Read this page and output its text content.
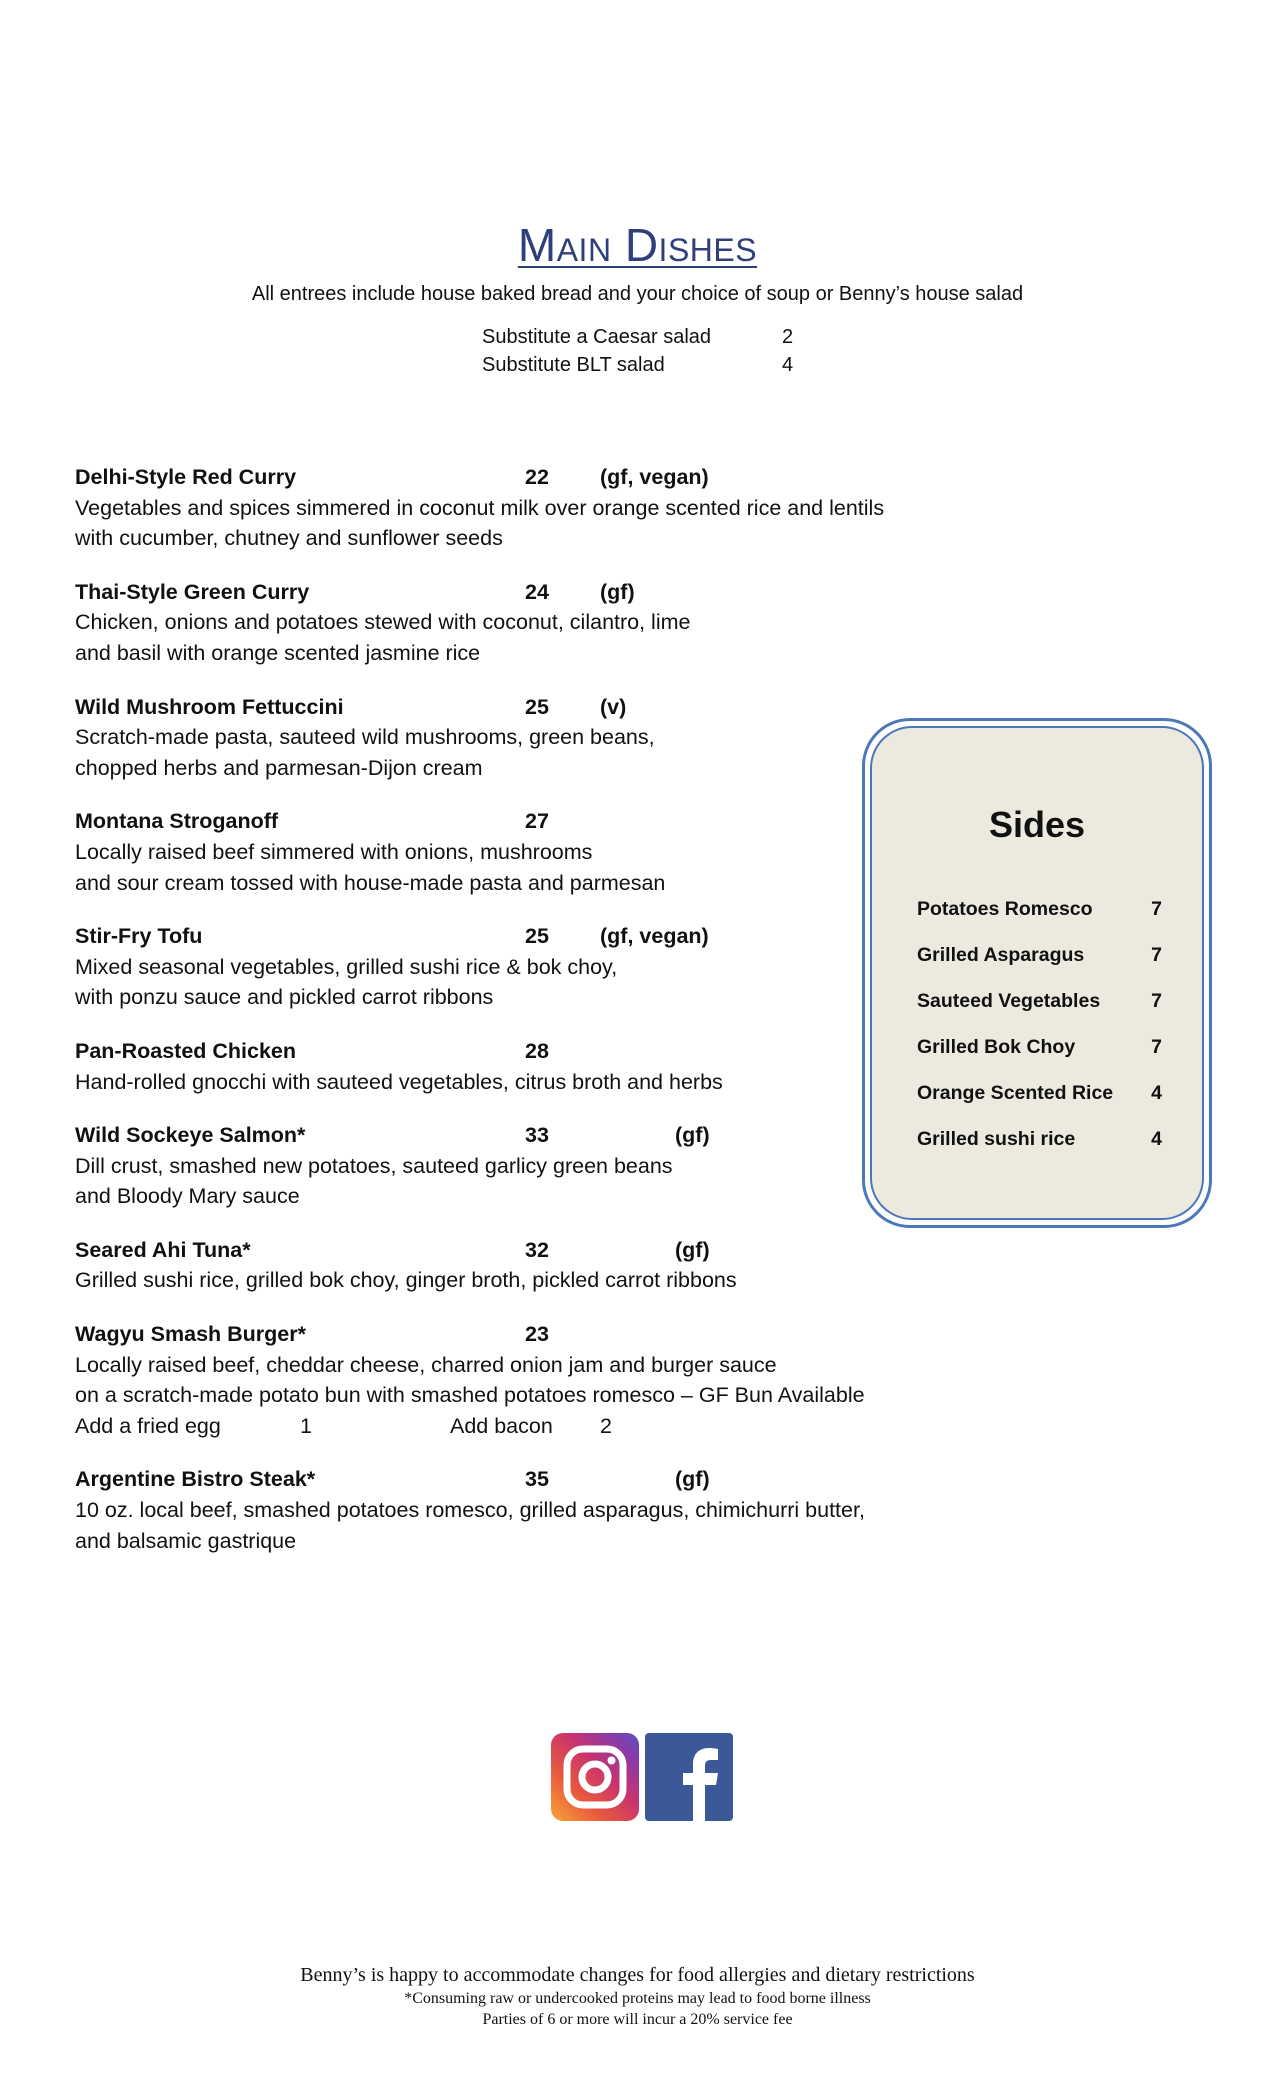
Main Dishes
All entrees include house baked bread and your choice of soup or Benny’s house salad
Substitute a Caesar salad	2
Substitute BLT salad	4
Delhi-Style Red Curry	22 (gf, vegan)
Vegetables and spices simmered in coconut milk over orange scented rice and lentils
with cucumber, chutney and sunflower seeds
Thai-Style Green Curry	24 (gf)
Chicken, onions and potatoes stewed with coconut, cilantro, lime
and basil with orange scented jasmine rice
Wild Mushroom Fettuccini	25 (v)
Scratch-made pasta, sauteed wild mushrooms, green beans,
chopped herbs and parmesan-Dijon cream
Montana Stroganoff	27
Locally raised beef simmered with onions, mushrooms
and sour cream tossed with house-made pasta and parmesan
Stir-Fry Tofu	25 (gf, vegan)
Mixed seasonal vegetables, grilled sushi rice & bok choy,
with ponzu sauce and pickled carrot ribbons
Pan-Roasted Chicken	28
Hand-rolled gnocchi with sauteed vegetables, citrus broth and herbs
Wild Sockeye Salmon*	33	(gf)
Dill crust, smashed new potatoes, sauteed garlicy green beans
and Bloody Mary sauce
Seared Ahi Tuna*	32	(gf)
Grilled sushi rice, grilled bok choy, ginger broth, pickled carrot ribbons
Wagyu Smash Burger*	23
Locally raised beef, cheddar cheese, charred onion jam and burger sauce
on a scratch-made potato bun with smashed potatoes romesco – GF Bun Available
Add a fried egg	1	Add bacon 2
Argentine Bistro Steak*	35	(gf)
10 oz. local beef, smashed potatoes romesco, grilled asparagus, chimichurri butter,
and balsamic gastrique
Sides
Potatoes Romesco	7
Grilled Asparagus	7
Sauteed Vegetables	7
Grilled Bok Choy	7
Orange Scented Rice 4
Grilled sushi rice	4
Benny’s is happy to accommodate changes for food allergies and dietary restrictions
*Consuming raw or undercooked proteins may lead to food borne illness
Parties of 6 or more will incur a 20% service fee
